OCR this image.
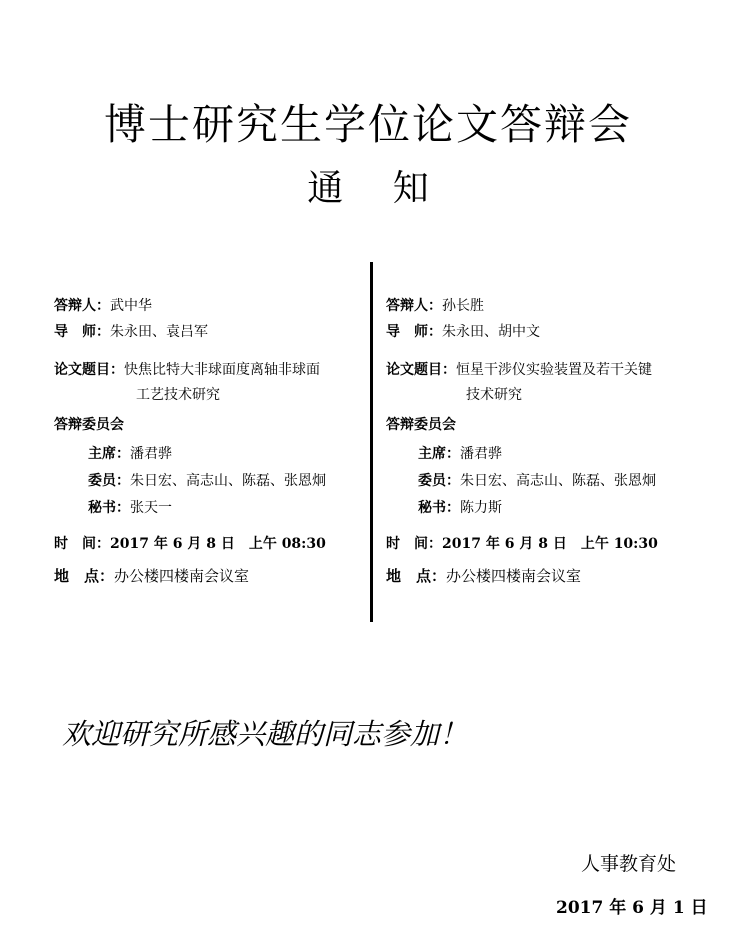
博士研究生学位论文答辩会
通 知
答辩人：武中华
导　师：朱永田、袁吕军
论文题目：快焦比特大非球面度离轴非球面
工艺技术研究
答辩委员会
主席：潘君骅
委员：朱日宏、高志山、陈磊、张恩炯
秘书：张天一
时　间：2017 年 6 月 8 日　上午 08:30
地　点：办公楼四楼南会议室
答辩人：孙长胜
导　师：朱永田、胡中文
论文题目：恒星干涉仪实验装置及若干关键
技术研究
答辩委员会
主席：潘君骅
委员：朱日宏、高志山、陈磊、张恩炯
秘书：陈力斯
时　间：2017 年 6 月 8 日　上午 10:30
地　点：办公楼四楼南会议室
欢迎研究所感兴趣的同志参加！
人事教育处
2017 年 6 月 1 日
